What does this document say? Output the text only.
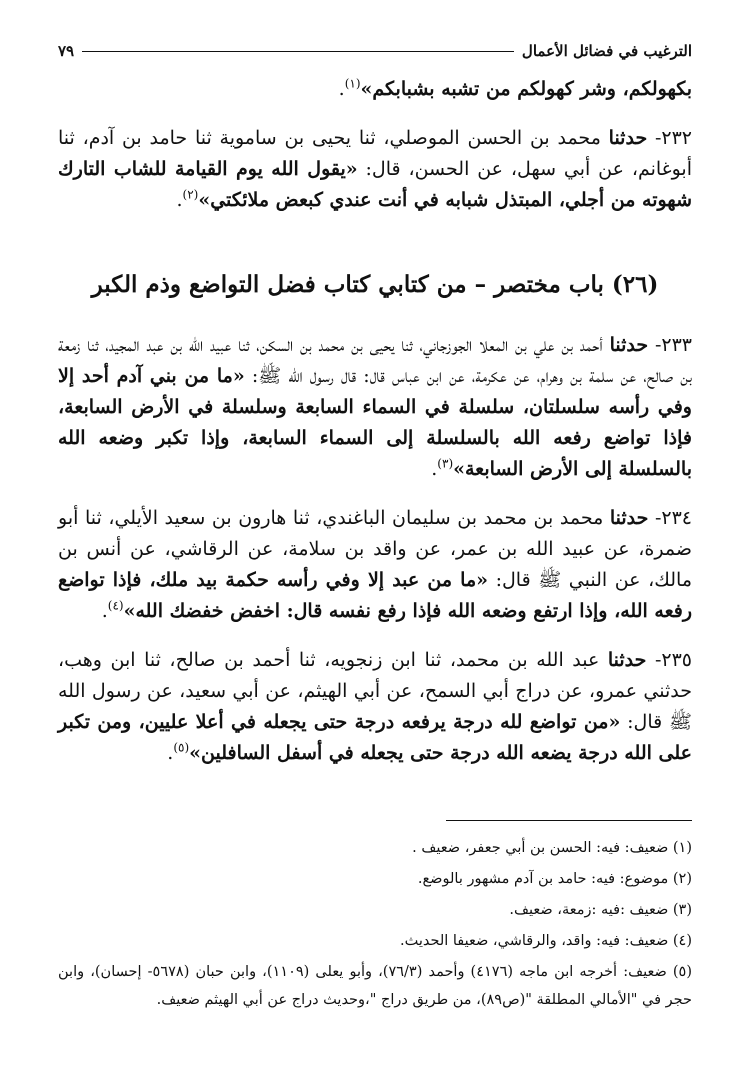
الترغيب في فضائل الأعمال
٧٩

بكهولكم، وشر كهولكم من تشبه بشبابكم»$^{(١)}$.

٢٣٢- حدثنا محمد بن الحسن الموصلي، ثنا يحيى بن ساموية ثنا حامد بن آدم، ثنا أبوغانم، عن أبي سهل، عن الحسن، قال: «يقول الله يوم القيامة للشاب التارك شهوته من أجلي، المبتذل شبابه في أنت عندي كبعض ملائكتي»$^{(٢)}$.

(٢٦) باب مختصر – من كتابي كتاب فضل التواضع وذم الكبر

٢٣٣- حدثنا أحمد بن علي بن المعلا الجوزجاني، ثنا يحيى بن محمد بن السكن، ثنا عبيد الله بن عبد المجيد، ثنا زمعة بن صالح، عن سلمة بن وهرام، عن عكرمة، عن ابن عباس قال: قال رسول الله ﷺ: «ما من بني آدم أحد إلا وفي رأسه سلسلتان، سلسلة في السماء السابعة وسلسلة في الأرض السابعة، فإذا تواضع رفعه الله بالسلسلة إلى السماء السابعة، وإذا تكبر وضعه الله بالسلسلة إلى الأرض السابعة»$^{(٣)}$.

٢٣٤- حدثنا محمد بن محمد بن سليمان الباغندي، ثنا هارون بن سعيد الأيلي، ثنا أبو ضمرة، عن عبيد الله بن عمر، عن واقد بن سلامة، عن الرقاشي، عن أنس بن مالك، عن النبي ﷺ قال: «ما من عبد إلا وفي رأسه حكمة بيد ملك، فإذا تواضع رفعه الله، وإذا ارتفع وضعه الله فإذا رفع نفسه قال: اخفض خفضك الله»$^{(٤)}$.

٢٣٥- حدثنا عبد الله بن محمد، ثنا ابن زنجويه، ثنا أحمد بن صالح، ثنا ابن وهب، حدثني عمرو، عن دراج أبي السمح، عن أبي الهيثم، عن أبي سعيد، عن رسول الله ﷺ قال: «من تواضع لله درجة يرفعه درجة حتى يجعله في أعلا عليين، ومن تكبر على الله درجة يضعه الله درجة حتى يجعله في أسفل السافلين»$^{(٥)}$.

(١) ضعيف: فيه: الحسن بن أبي جعفر، ضعيف .

(٢) موضوع: فيه: حامد بن آدم مشهور بالوضع.

(٣) ضعيف :فيه :زمعة، ضعيف.

(٤) ضعيف: فيه: واقد، والرقاشي، ضعيفا الحديث.

(٥) ضعيف: أخرجه ابن ماجه (٤١٧٦) وأحمد (٧٦/٣)، وأبو يعلى (١١٠٩)، وابن حبان (٥٦٧٨- إحسان)، وابن حجر في "الأمالي المطلقة "(ص٨٩)، من طريق دراج "،وحديث دراج عن أبي الهيثم ضعيف.
